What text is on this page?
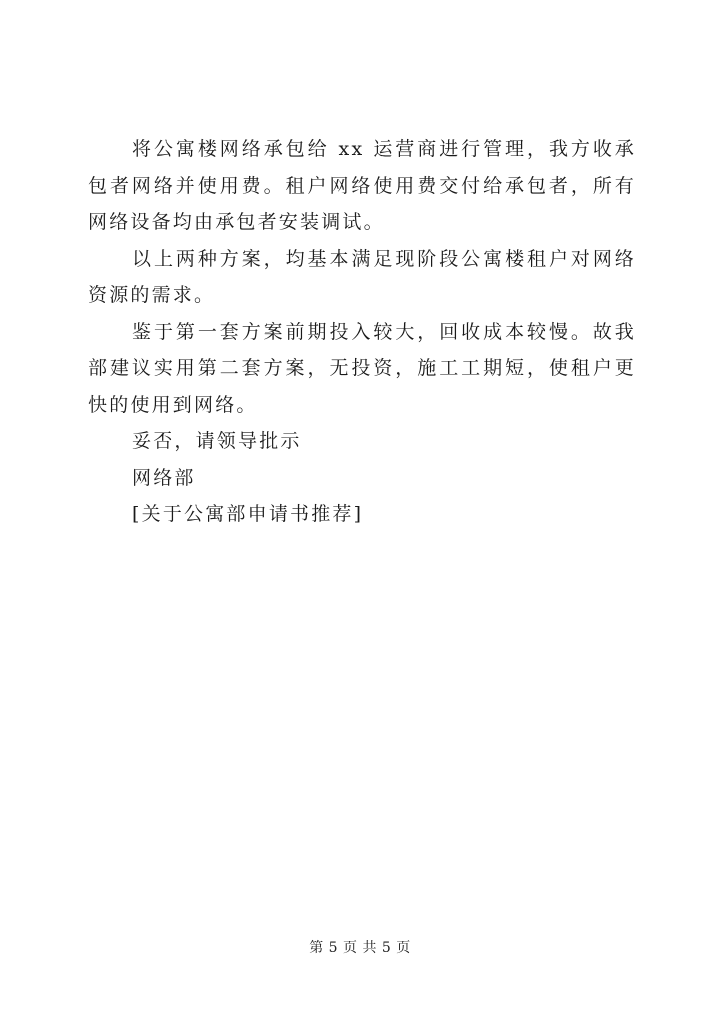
将公寓楼网络承包给 xx 运营商进行管理，我方收承包者网络并使用费。租户网络使用费交付给承包者，所有网络设备均由承包者安装调试。

以上两种方案，均基本满足现阶段公寓楼租户对网络资源的需求。

鉴于第一套方案前期投入较大，回收成本较慢。故我部建议实用第二套方案，无投资，施工工期短，使租户更快的使用到网络。

妥否，请领导批示

网络部

[关于公寓部申请书推荐]

第 5 页 共 5 页
